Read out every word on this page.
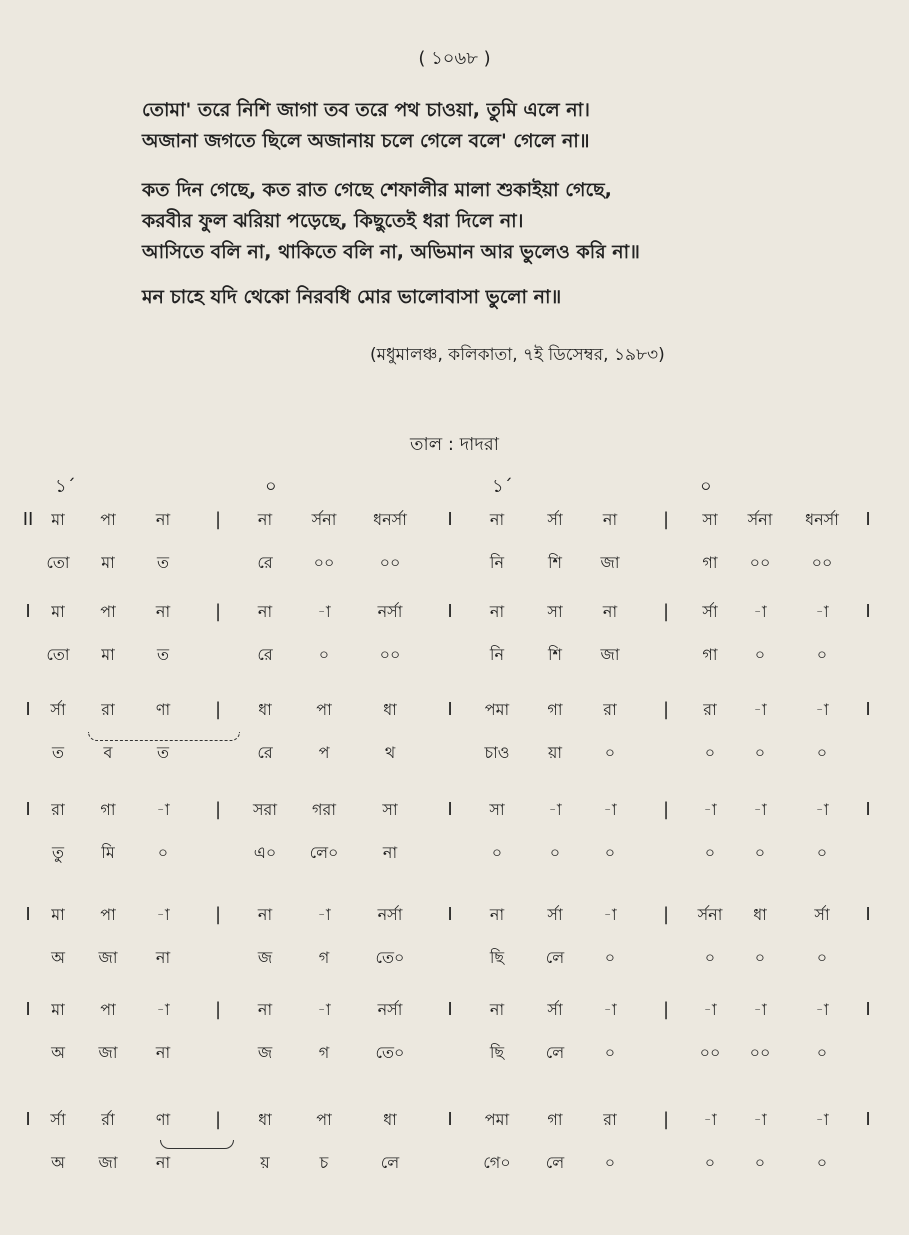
( ১০৬৮ )
তোমা' তরে নিশি জাগা তব তরে পথ চাওয়া, তুমি এলে না।
অজানা জগতে ছিলে অজানায় চলে গেলে বলে' গেলে না॥
কত দিন গেছে, কত রাত গেছে শেফালীর মালা শুকাইয়া গেছে,
করবীর ফুল ঝরিয়া পড়েছে, কিছুতেই ধরা দিলে না।
আসিতে বলি না, থাকিতে বলি না, অভিমান আর ভুলেও করি না॥
মন চাহে যদি থেকো নিরবধি মোর ভালোবাসা ভুলো না॥
(মধুমালঞ্চ, কলিকাতা, ৭ই ডিসেম্বর, ১৯৮৩)
তাল : দাদরা
১´	০	১´	০
II মা পা	না | না র্সনা ধনর্সা I না	র্সা	না	| সা র্সনা ধনর্সা I
তো মা	ত	রে	০০	০০	নি	শি জা	গা ০০	০০
I মা পা	না | না	-া	নর্সা I না	সা	না	| র্সা -া	-া I
তো মা	ত	রে	০	০০	নি	শি জা	গা ০	০
I র্সা রা	ণা | ধা	পা	ধা	I পমা গা	রা	| রা -া	-া I
ত ব	ত	রে	প	থ	চাও য়া	০	০ ০	০
I রা গা	-া	| সরা গরা	সা	I সা	-া	-া	| -া -া	-া I
তু মি	০	এ০ লে০	না	০	০	০	০ ০	০
I মা পা	-া	| না	-া	নর্সা I না	র্সা	-া	| র্সনা ধা	র্সা I
অ জা না	জ	গ	তে০	ছি	লে	০	০ ০	০
I মা পা	-া	| না	-া	নর্সা I না	র্সা	-া	| -া -া	-া I
অ জা না	জ	গ	তে০	ছি	লে	০	০০ ০০	০
I র্সা র্রা	ণা | ধা	পা	ধা	I পমা গা	রা	| -া -া	-া I
অ জা না	য়	চ	লে	গে০ লে	০	০ ০	০
